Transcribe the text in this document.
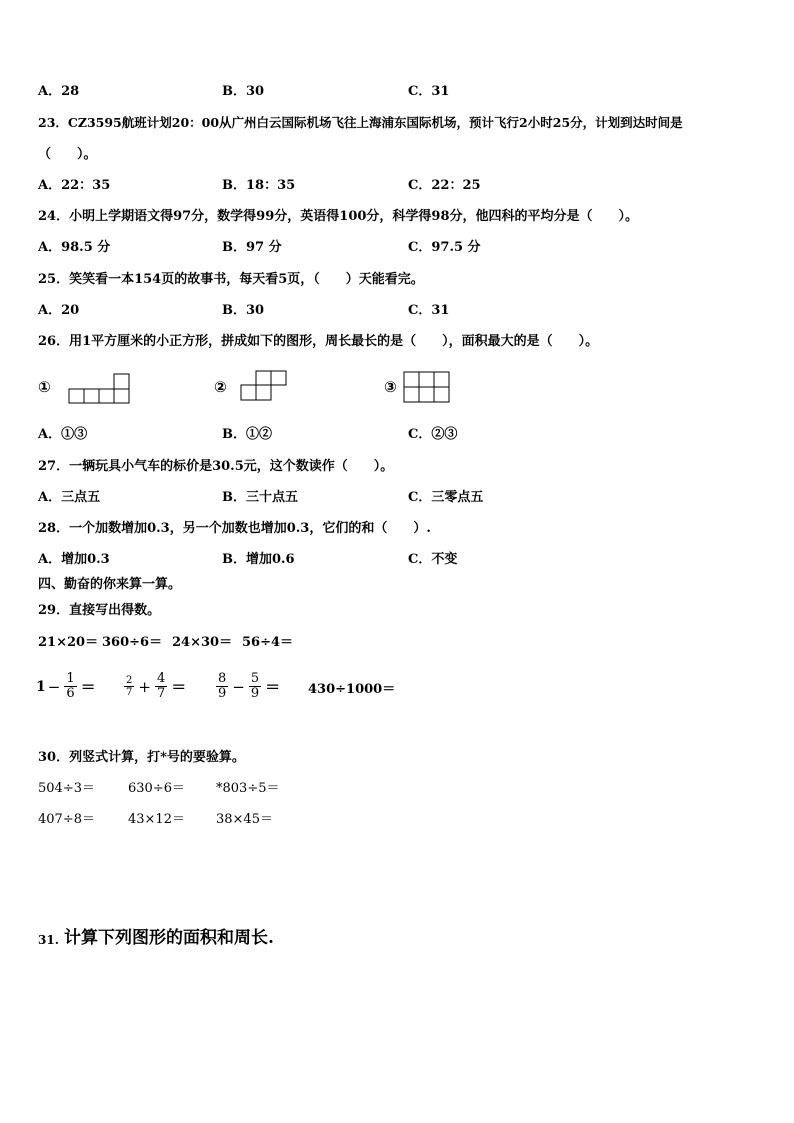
A．28	B．30	C．31
23．CZ3595航班计划20：00从广州白云国际机场飞往上海浦东国际机场，预计飞行2小时25分，计划到达时间是
（　　）。
A．22：35	B．18：35	C．22：25
24．小明上学期语文得97分，数学得99分，英语得100分，科学得98分，他四科的平均分是（　　）。
A．98.5 分	B．97 分	C．97.5 分
25．笑笑看一本154页的故事书，每天看5页，（　　）天能看完。
A．20	B．30	C．31
26．用1平方厘米的小正方形，拼成如下的图形，周长最长的是（　　），面积最大的是（　　）。
①	②	③
A．①③	B．①②	C．②③
27．一辆玩具小气车的标价是30.5元，这个数读作（　　）。
A．三点五	B．三十点五	C．三零点五
28．一个加数增加0.3，另一个加数也增加0.3，它们的和（　　）.
A．增加0.3	B．增加0.6	C．不变
四、勤奋的你来算一算。
29．直接写出得数。
21×20＝ 360÷6＝ 24×30＝ 56÷4＝
$1 - \frac{1}{6}$ ＝	$\frac{2}{7} + \frac{4}{7} = \frac{8}{9} - \frac{5}{9} = 430\div 1000=$
30．列竖式计算，打*号的要验算。
504÷3＝	630÷6＝ *803÷5＝
407÷8＝	43×12＝ 38×45＝
31. 计算下列图形的面积和周长.
